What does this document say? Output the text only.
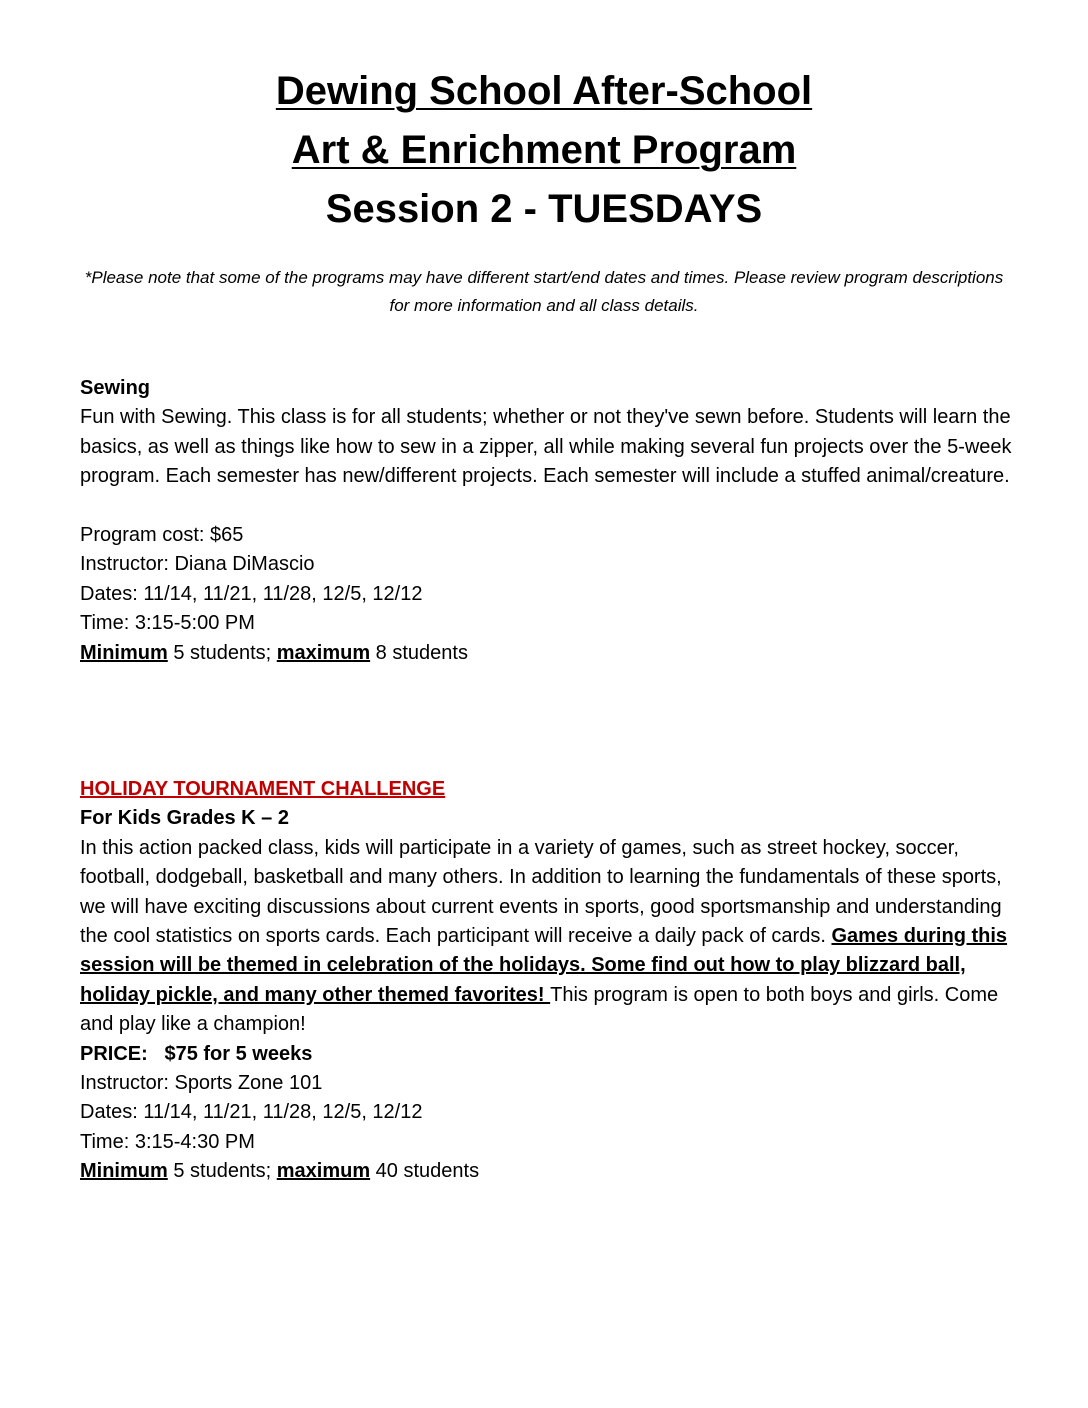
Dewing School After-School
Art & Enrichment Program
Session 2 - TUESDAYS

*Please note that some of the programs may have different start/end dates and times. Please review program descriptions for more information and all class details.

Sewing

Fun with Sewing. This class is for all students; whether or not they've sewn before. Students will learn the basics, as well as things like how to sew in a zipper, all while making several fun projects over the 5-week program. Each semester has new/different projects. Each semester will include a stuffed animal/creature.

Program cost: $65

Instructor: Diana DiMascio

Dates: 11/14, 11/21, 11/28, 12/5, 12/12

Time: 3:15-5:00 PM

Minimum 5 students; maximum 8 students

HOLIDAY TOURNAMENT CHALLENGE

For Kids Grades K – 2

In this action packed class, kids will participate in a variety of games, such as street hockey, soccer, football, dodgeball, basketball and many others. In addition to learning the fundamentals of these sports, we will have exciting discussions about current events in sports, good sportsmanship and understanding the cool statistics on sports cards. Each participant will receive a daily pack of cards. Games during this session will be themed in celebration of the holidays. Some find out how to play blizzard ball, holiday pickle, and many other themed favorites! This program is open to both boys and girls. Come and play like a champion!

PRICE:   $75 for 5 weeks

Instructor: Sports Zone 101

Dates: 11/14, 11/21, 11/28, 12/5, 12/12

Time: 3:15-4:30 PM

Minimum 5 students; maximum 40 students
